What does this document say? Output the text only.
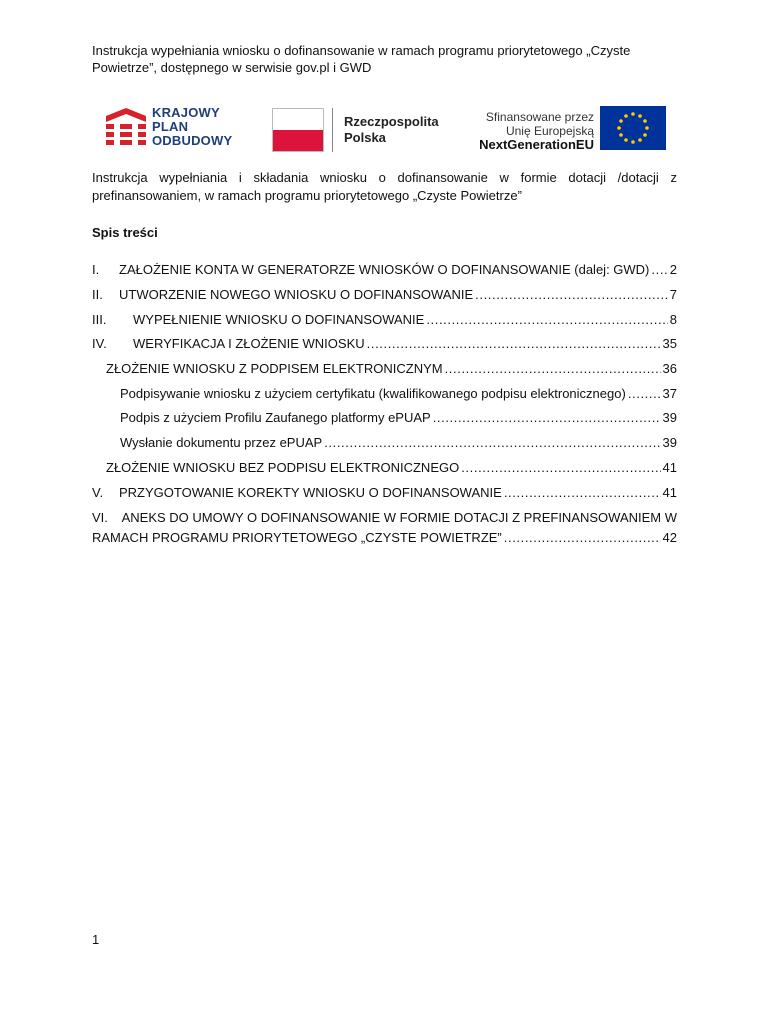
Instrukcja wypełniania wniosku o dofinansowanie w ramach programu priorytetowego „Czyste
Powietrze”, dostępnego w serwisie gov.pl i GWD
KRAJOWY
PLAN
ODBUDOWY
Rzeczpospolita
Polska
Sfinansowane przez
Unię Europejską
NextGenerationEU
Instrukcja wypełniania i składania wniosku o dofinansowanie w formie dotacji /dotacji z
prefinansowaniem, w ramach programu priorytetowego „Czyste Powietrze”
Spis treści
I.	ZAŁOŻENIE KONTA W GENERATORZE WNIOSKÓW O DOFINANSOWANIE (dalej: GWD) ..... 2
II.	UTWORZENIE NOWEGO WNIOSKU O DOFINANSOWANIE .....	7
III.	WYPEŁNIENIE WNIOSKU O DOFINANSOWANIE .....	8
IV.	WERYFIKACJA I ZŁOŻENIE WNIOSKU .....	35
ZŁOŻENIE WNIOSKU Z PODPISEM ELEKTRONICZNYM .....	36
Podpisywanie wniosku z użyciem certyfikatu (kwalifikowanego podpisu elektronicznego) .....	37
Podpis z użyciem Profilu Zaufanego platformy ePUAP .....	39
Wysłanie dokumentu przez ePUAP .....	39
ZŁOŻENIE WNIOSKU BEZ PODPISU ELEKTRONICZNEGO .....	41
V.	PRZYGOTOWANIE KOREKTY WNIOSKU O DOFINANSOWANIE .....	41
VI.	ANEKS DO UMOWY O DOFINANSOWANIE W FORMIE DOTACJI Z PREFINANSOWANIEM W
RAMACH PROGRAMU PRIORYTETOWEGO „CZYSTE POWIETRZE” .....	42
1
